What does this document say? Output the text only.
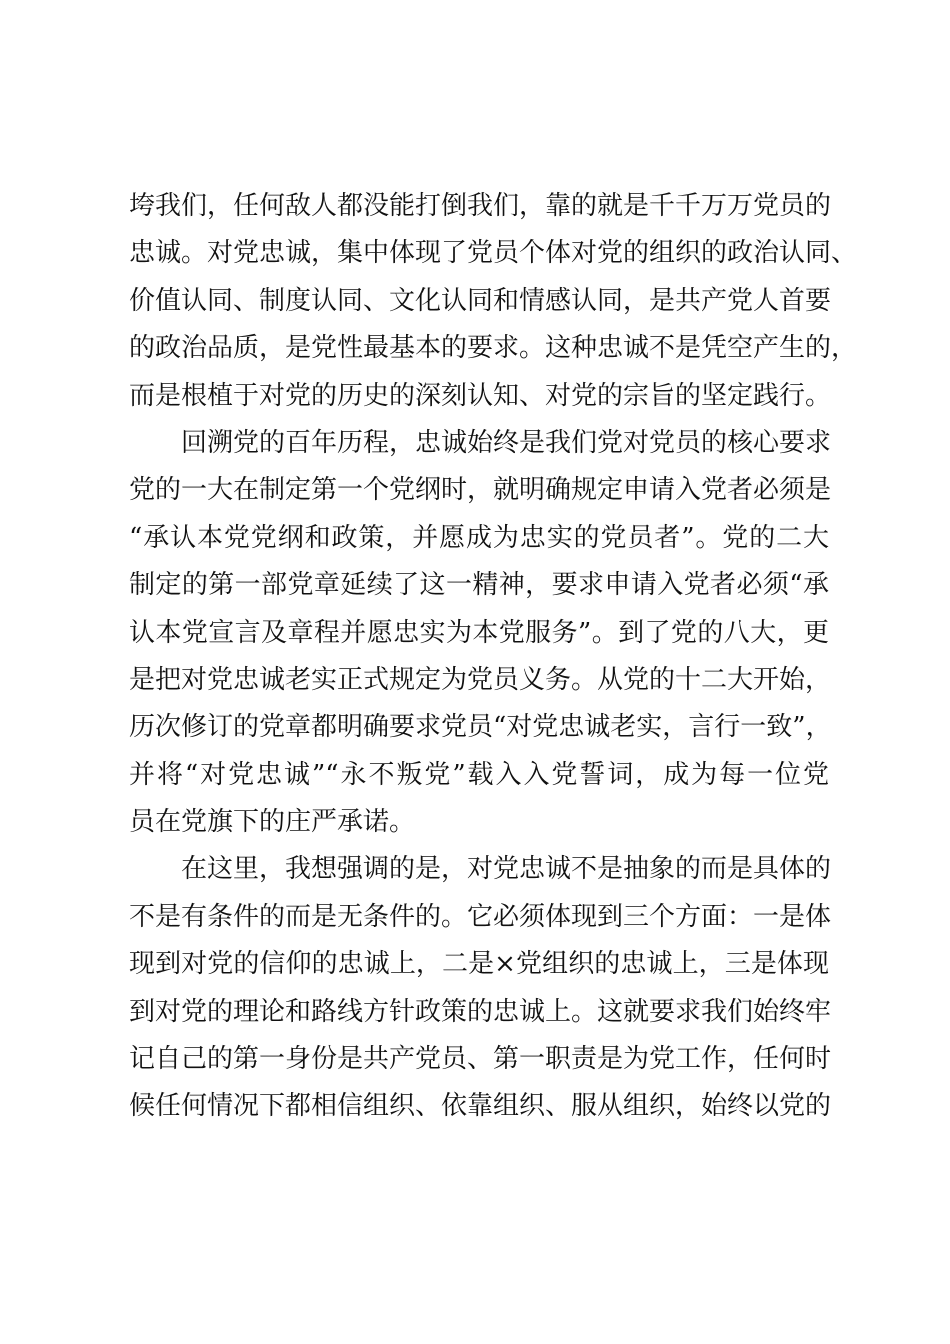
垮我们，任何敌人都没能打倒我们，靠的就是千千万万党员的
忠诚。对党忠诚，集中体现了党员个体对党的组织的政治认同、
价值认同、制度认同、文化认同和情感认同，是共产党人首要
的政治品质，是党性最基本的要求。这种忠诚不是凭空产生的，
而是根植于对党的历史的深刻认知、对党的宗旨的坚定践行。
回溯党的百年历程，忠诚始终是我们党对党员的核心要求
党的一大在制定第一个党纲时，就明确规定申请入党者必须是
“承认本党党纲和政策，并愿成为忠实的党员者”。党的二大
制定的第一部党章延续了这一精神，要求申请入党者必须“承
认本党宣言及章程并愿忠实为本党服务”。到了党的八大，更
是把对党忠诚老实正式规定为党员义务。从党的十二大开始，
历次修订的党章都明确要求党员“对党忠诚老实，言行一致”，
并将“对党忠诚”“永不叛党”载入入党誓词，成为每一位党
员在党旗下的庄严承诺。
在这里，我想强调的是，对党忠诚不是抽象的而是具体的
不是有条件的而是无条件的。它必须体现到三个方面：一是体
现到对党的信仰的忠诚上，二是×党组织的忠诚上，三是体现
到对党的理论和路线方针政策的忠诚上。这就要求我们始终牢
记自己的第一身份是共产党员、第一职责是为党工作，任何时
候任何情况下都相信组织、依靠组织、服从组织，始终以党的
